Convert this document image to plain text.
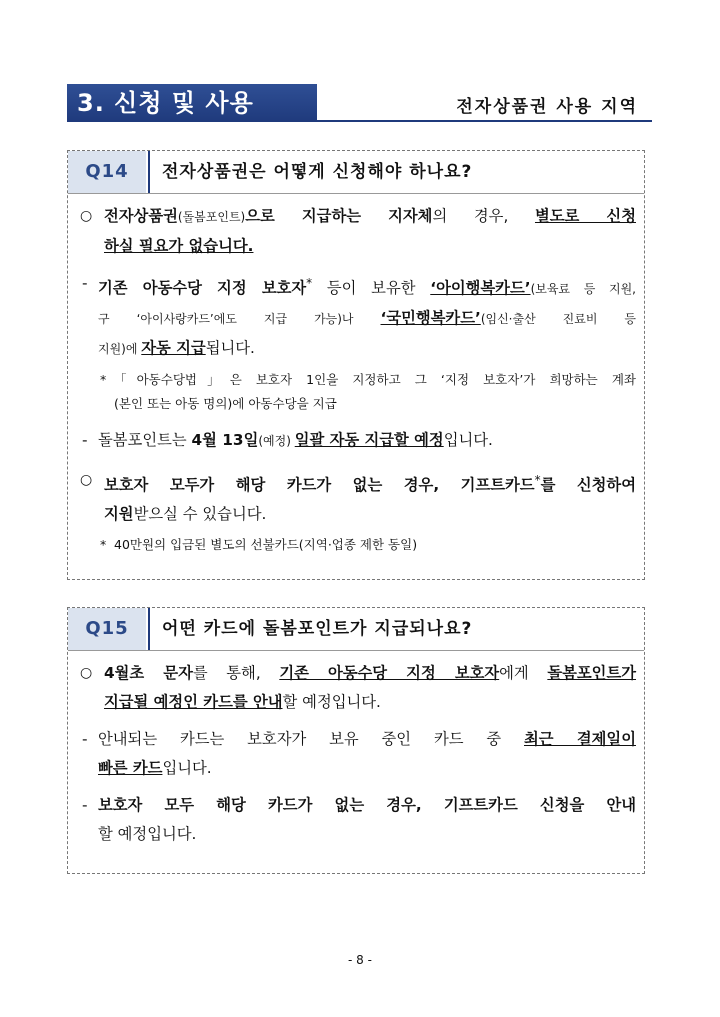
3. 신청 및 사용	전자상품권 사용 지역
Q14	전자상품권은 어떻게 신청해야 하나요?
○ 전자상품권(돌봄포인트)으로 지급하는 지자체의 경우, 별도로 신청
하실 필요가 없습니다.
- 기존 아동수당 지정 보호자* 등이 보유한 ‘아이행복카드’(보육료 등 지원,
구 ‘아이사랑카드’에도 지급 가능)나 ‘국민행복카드’(임신·출산 진료비 등
지원)에 자동 지급됩니다.
* 「아동수당법」은 보호자 1인을 지정하고 그 ‘지정 보호자’가 희망하는 계좌
(본인 또는 아동 명의)에 아동수당을 지급
- 돌봄포인트는 4월 13일(예정) 일괄 자동 지급할 예정입니다.
○ 보호자 모두가 해당 카드가 없는 경우, 기프트카드*를 신청하여
지원받으실 수 있습니다.
* 40만원의 입금된 별도의 선불카드(지역·업종 제한 동일)
Q15	어떤 카드에 돌봄포인트가 지급되나요?
○ 4월초 문자를 통해, 기존 아동수당 지정 보호자에게 돌봄포인트가
지급될 예정인 카드를 안내할 예정입니다.
- 안내되는 카드는 보호자가 보유 중인 카드 중 최근 결제일이
빠른 카드입니다.
- 보호자 모두 해당 카드가 없는 경우, 기프트카드 신청을 안내
할 예정입니다.
- 8 -
